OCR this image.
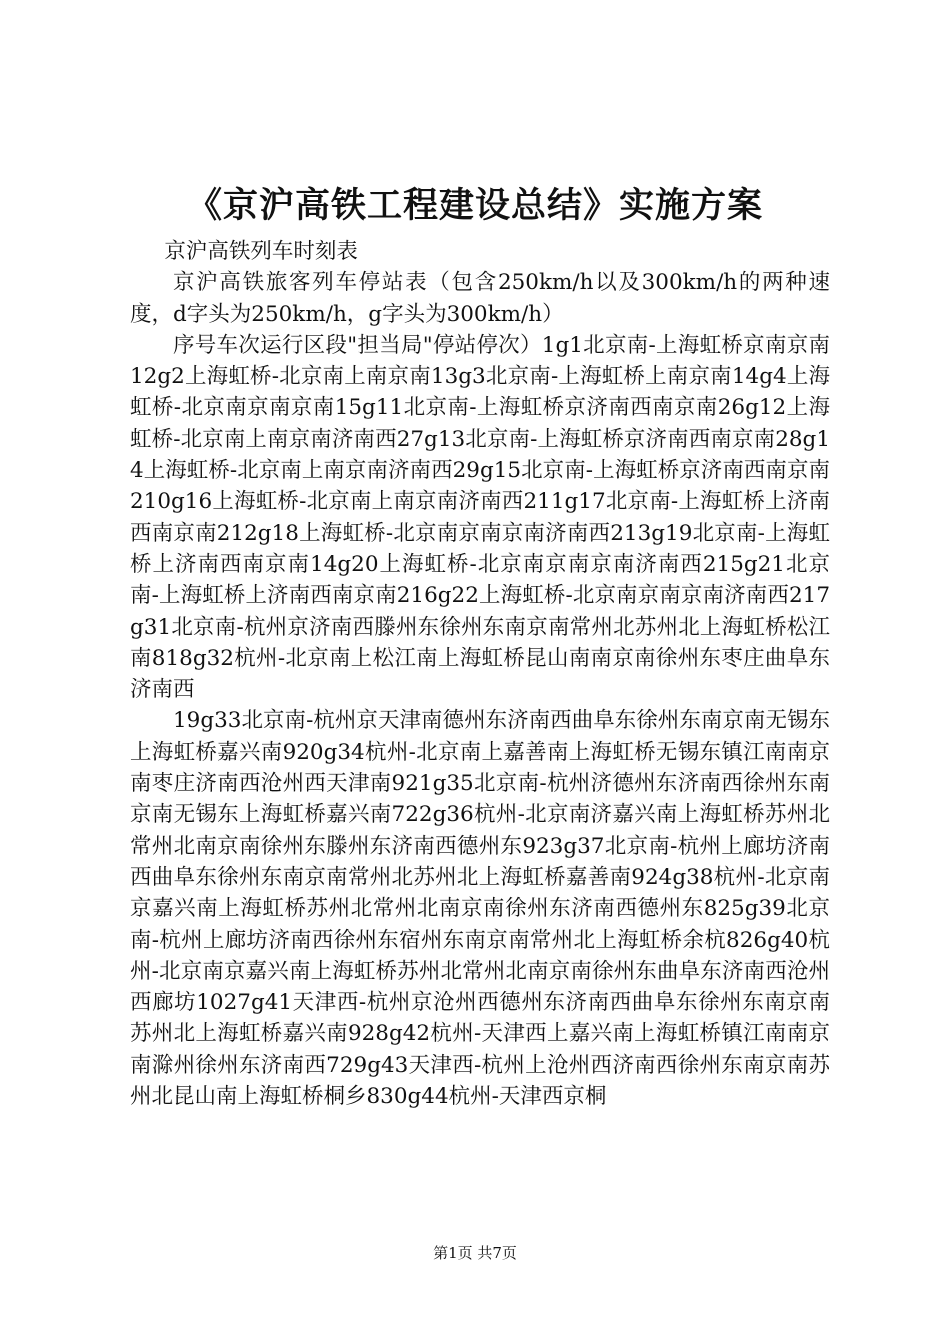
《京沪高铁工程建设总结》实施方案

京沪高铁列车时刻表

京沪高铁旅客列车停站表（包含250km/h以及300km/h的两种速度，d字头为250km/h，g字头为300km/h）

序号车次运行区段"担当局"停站停次）1g1北京南-上海虹桥京南京南12g2上海虹桥-北京南上南京南13g3北京南-上海虹桥上南京南14g4上海虹桥-北京南京南京南15g11北京南-上海虹桥京济南西南京南26g12上海虹桥-北京南上南京南济南西27g13北京南-上海虹桥京济南西南京南28g14上海虹桥-北京南上南京南济南西29g15北京南-上海虹桥京济南西南京南210g16上海虹桥-北京南上南京南济南西211g17北京南-上海虹桥上济南西南京南212g18上海虹桥-北京南京南京南济南西213g19北京南-上海虹桥上济南西南京南14g20上海虹桥-北京南京南京南济南西215g21北京南-上海虹桥上济南西南京南216g22上海虹桥-北京南京南京南济南西217g31北京南-杭州京济南西滕州东徐州东南京南常州北苏州北上海虹桥松江南818g32杭州-北京南上松江南上海虹桥昆山南南京南徐州东枣庄曲阜东济南西

19g33北京南-杭州京天津南德州东济南西曲阜东徐州东南京南无锡东上海虹桥嘉兴南920g34杭州-北京南上嘉善南上海虹桥无锡东镇江南南京南枣庄济南西沧州西天津南921g35北京南-杭州济德州东济南西徐州东南京南无锡东上海虹桥嘉兴南722g36杭州-北京南济嘉兴南上海虹桥苏州北常州北南京南徐州东滕州东济南西德州东923g37北京南-杭州上廊坊济南西曲阜东徐州东南京南常州北苏州北上海虹桥嘉善南924g38杭州-北京南京嘉兴南上海虹桥苏州北常州北南京南徐州东济南西德州东825g39北京南-杭州上廊坊济南西徐州东宿州东南京南常州北上海虹桥余杭826g40杭州-北京南京嘉兴南上海虹桥苏州北常州北南京南徐州东曲阜东济南西沧州西廊坊1027g41天津西-杭州京沧州西德州东济南西曲阜东徐州东南京南苏州北上海虹桥嘉兴南928g42杭州-天津西上嘉兴南上海虹桥镇江南南京南滁州徐州东济南西729g43天津西-杭州上沧州西济南西徐州东南京南苏州北昆山南上海虹桥桐乡830g44杭州-天津西京桐

第1页 共7页
